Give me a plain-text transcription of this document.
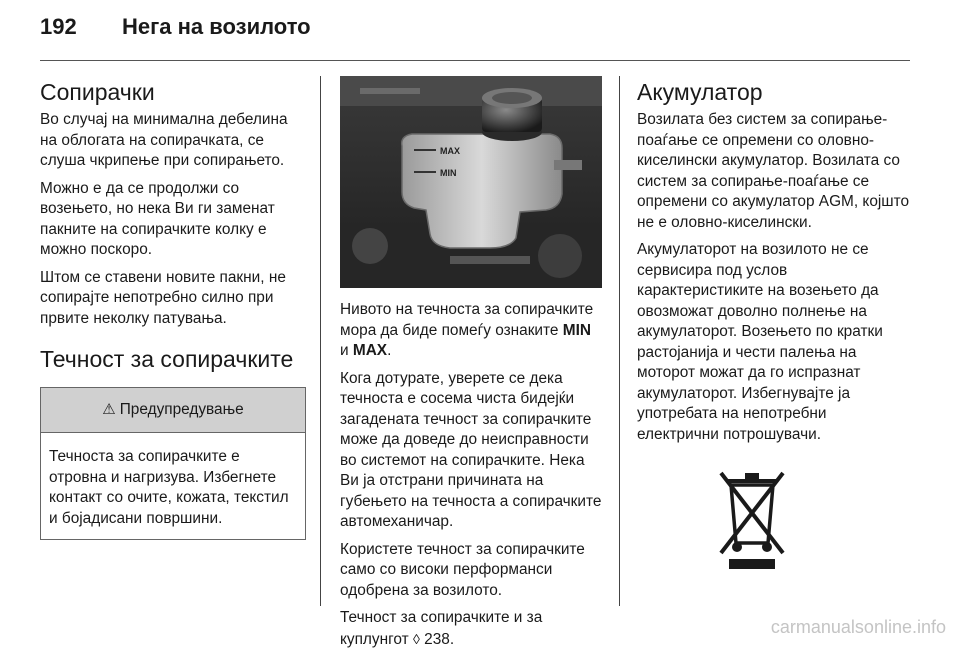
192 Нега на возилото
Сопирачки

Во случај на минимална дебелина на облогата на сопирачката, се слуша чкрипење при сопирањето.

Можно е да се продолжи со возењето, но нека Ви ги заменат пакните на сопирачките колку е можно поскоро.

Штом се ставени новите пакни, не сопирајте непотребно силно при првите неколку патувања.

Течност за сопирачките
⚠ Предупредување
Течноста за сопирачките е отровна и нагризува. Избегнете контакт со очите, кожата, текстил и бојадисани површини.
MAX
MIN

Нивото на течноста за сопирачките мора да биде помеѓу ознаките MIN и MAX.

Кога дотурате, уверете се дека течноста е сосема чиста бидејќи загадената течност за сопирачките може да доведе до неисправности во системот на сопирачките. Нека Ви ја отстрани причината на губењето на течноста а сопирачките автомеханичар.

Користете течност за сопирачките само со високи перформанси одобрена за возилото.

Течност за сопирачките и за куплунгот ◊ 238.

Акумулатор

Возилата без систем за сопирање-поаѓање се опремени со оловно-киселински акумулатор. Возилата со систем за сопирање-поаѓање се опремени со акумулатор AGM, којшто не е оловно-киселински.

Акумулаторот на возилото не се сервисира под услов карактеристиките на возењето да овозможат доволно полнење на акумулаторот. Возењето по кратки растојанија и чести палења на моторот можат да го испразнат акумулаторот. Избегнувајте ја употребата на непотребни електрични потрошувачи.

carmanualsonline.info
